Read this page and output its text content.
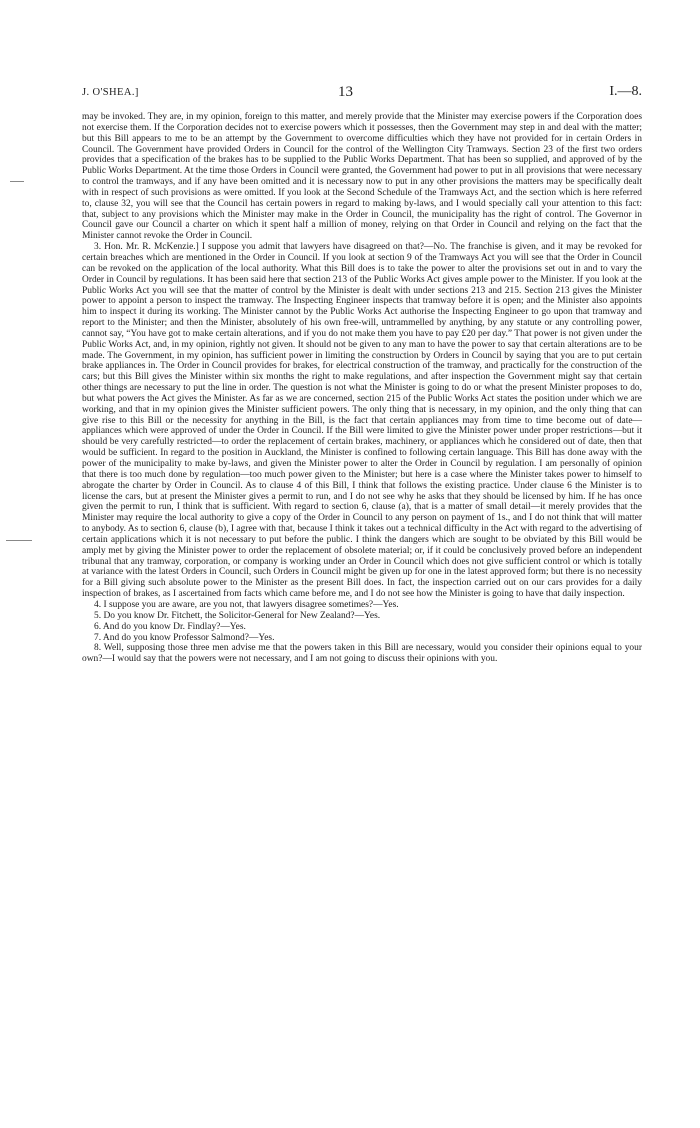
J. O'SHEA.]	13	I.—8.

may be invoked. They are, in my opinion, foreign to this matter, and merely provide that the Minister may exercise powers if the Corporation does not exercise them. If the Corporation decides not to exercise powers which it possesses, then the Government may step in and deal with the matter; but this Bill appears to me to be an attempt by the Government to overcome difficulties which they have not provided for in certain Orders in Council. The Government have provided Orders in Council for the control of the Wellington City Tramways. Section 23 of the first two orders provides that a specification of the brakes has to be supplied to the Public Works Department. That has been so supplied, and approved of by the Public Works Department. At the time those Orders in Council were granted, the Government had power to put in all provisions that were necessary to control the tramways, and if any have been omitted and it is necessary now to put in any other provisions the matters may be specifically dealt with in respect of such provisions as were omitted. If you look at the Second Schedule of the Tramways Act, and the section which is here referred to, clause 32, you will see that the Council has certain powers in regard to making by-laws, and I would specially call your attention to this fact: that, subject to any provisions which the Minister may make in the Order in Council, the municipality has the right of control. The Governor in Council gave our Council a charter on which it spent half a million of money, relying on that Order in Council and relying on the fact that the Minister cannot revoke the Order in Council.

3. Hon. Mr. R. McKenzie.] I suppose you admit that lawyers have disagreed on that?—No. The franchise is given, and it may be revoked for certain breaches which are mentioned in the Order in Council. If you look at section 9 of the Tramways Act you will see that the Order in Council can be revoked on the application of the local authority. What this Bill does is to take the power to alter the provisions set out in and to vary the Order in Council by regulations. It has been said here that section 213 of the Public Works Act gives ample power to the Minister. If you look at the Public Works Act you will see that the matter of control by the Minister is dealt with under sections 213 and 215. Section 213 gives the Minister power to appoint a person to inspect the tramway. The Inspecting Engineer inspects that tramway before it is open; and the Minister also appoints him to inspect it during its working. The Minister cannot by the Public Works Act authorise the Inspecting Engineer to go upon that tramway and report to the Minister; and then the Minister, absolutely of his own free-will, untrammelled by anything, by any statute or any controlling power, cannot say, “You have got to make certain alterations, and if you do not make them you have to pay £20 per day.” That power is not given under the Public Works Act, and, in my opinion, rightly not given. It should not be given to any man to have the power to say that certain alterations are to be made. The Government, in my opinion, has sufficient power in limiting the construction by Orders in Council by saying that you are to put certain brake appliances in. The Order in Council provides for brakes, for electrical construction of the tramway, and practically for the construction of the cars; but this Bill gives the Minister within six months the right to make regulations, and after inspection the Government might say that certain other things are necessary to put the line in order. The question is not what the Minister is going to do or what the present Minister proposes to do, but what powers the Act gives the Minister. As far as we are concerned, section 215 of the Public Works Act states the position under which we are working, and that in my opinion gives the Minister sufficient powers. The only thing that is necessary, in my opinion, and the only thing that can give rise to this Bill or the necessity for anything in the Bill, is the fact that certain appliances may from time to time become out of date—appliances which were approved of under the Order in Council. If the Bill were limited to give the Minister power under proper restrictions—but it should be very carefully restricted—to order the replacement of certain brakes, machinery, or appliances which he considered out of date, then that would be sufficient. In regard to the position in Auckland, the Minister is confined to following certain language. This Bill has done away with the power of the municipality to make by-laws, and given the Minister power to alter the Order in Council by regulation. I am personally of opinion that there is too much done by regulation—too much power given to the Minister; but here is a case where the Minister takes power to himself to abrogate the charter by Order in Council. As to clause 4 of this Bill, I think that follows the existing practice. Under clause 6 the Minister is to license the cars, but at present the Minister gives a permit to run, and I do not see why he asks that they should be licensed by him. If he has once given the permit to run, I think that is sufficient. With regard to section 6, clause (a), that is a matter of small detail—it merely provides that the Minister may require the local authority to give a copy of the Order in Council to any person on payment of 1s., and I do not think that will matter to anybody. As to section 6, clause (b), I agree with that, because I think it takes out a technical difficulty in the Act with regard to the advertising of certain applications which it is not necessary to put before the public. I think the dangers which are sought to be obviated by this Bill would be amply met by giving the Minister power to order the replacement of obsolete material; or, if it could be conclusively proved before an independent tribunal that any tramway, corporation, or company is working under an Order in Council which does not give sufficient control or which is totally at variance with the latest Orders in Council, such Orders in Council might be given up for one in the latest approved form; but there is no necessity for a Bill giving such absolute power to the Minister as the present Bill does. In fact, the inspection carried out on our cars provides for a daily inspection of brakes, as I ascertained from facts which came before me, and I do not see how the Minister is going to have that daily inspection.

4. I suppose you are aware, are you not, that lawyers disagree sometimes?—Yes.

5. Do you know Dr. Fitchett, the Solicitor-General for New Zealand?—Yes.

6. And do you know Dr. Findlay?—Yes.

7. And do you know Professor Salmond?—Yes.

8. Well, supposing those three men advise me that the powers taken in this Bill are necessary, would you consider their opinions equal to your own?—I would say that the powers were not necessary, and I am not going to discuss their opinions with you.
